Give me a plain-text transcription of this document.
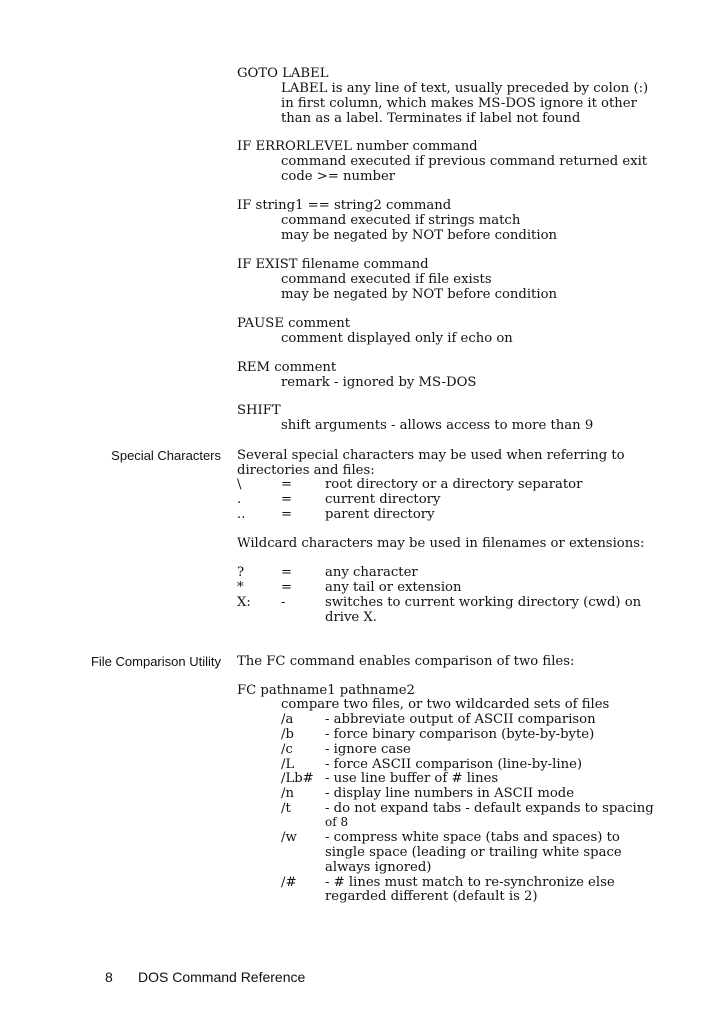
GOTO LABEL
LABEL is any line of text, usually preceded by colon (:)
in first column, which makes MS-DOS ignore it other
than as a label. Terminates if label not found
IF ERRORLEVEL number command
command executed if previous command returned exit
code >= number
IF string1 == string2 command
command executed if strings match
may be negated by NOT before condition
IF EXIST filename command
command executed if file exists
may be negated by NOT before condition
PAUSE comment
comment displayed only if echo on
REM comment
remark - ignored by MS-DOS
SHIFT
shift arguments - allows access to more than 9
Special Characters Several special characters may be used when referring to
directories and files:
\	= root directory or a directory separator
.	= current directory
..	= parent directory
Wildcard characters may be used in filenames or extensions:
?	= any character
*	= any tail or extension
X: -	switches to current working directory (cwd) on
drive X.
File Comparison Utility The FC command enables comparison of two files:
FC pathname1 pathname2
compare two files, or two wildcarded sets of files
/a - abbreviate output of ASCII comparison
/b - force binary comparison (byte-by-byte)
/c - ignore case
/L - force ASCII comparison (line-by-line)
/Lb# - use line buffer of # lines
/n - display line numbers in ASCII mode
/t	- do not expand tabs - default expands to spacing
of 8
/w - compress white space (tabs and spaces) to
single space (leading or trailing white space
always ignored)
/# - # lines must match to re-synchronize else
regarded different (default is 2)
8 DOS Command Reference
